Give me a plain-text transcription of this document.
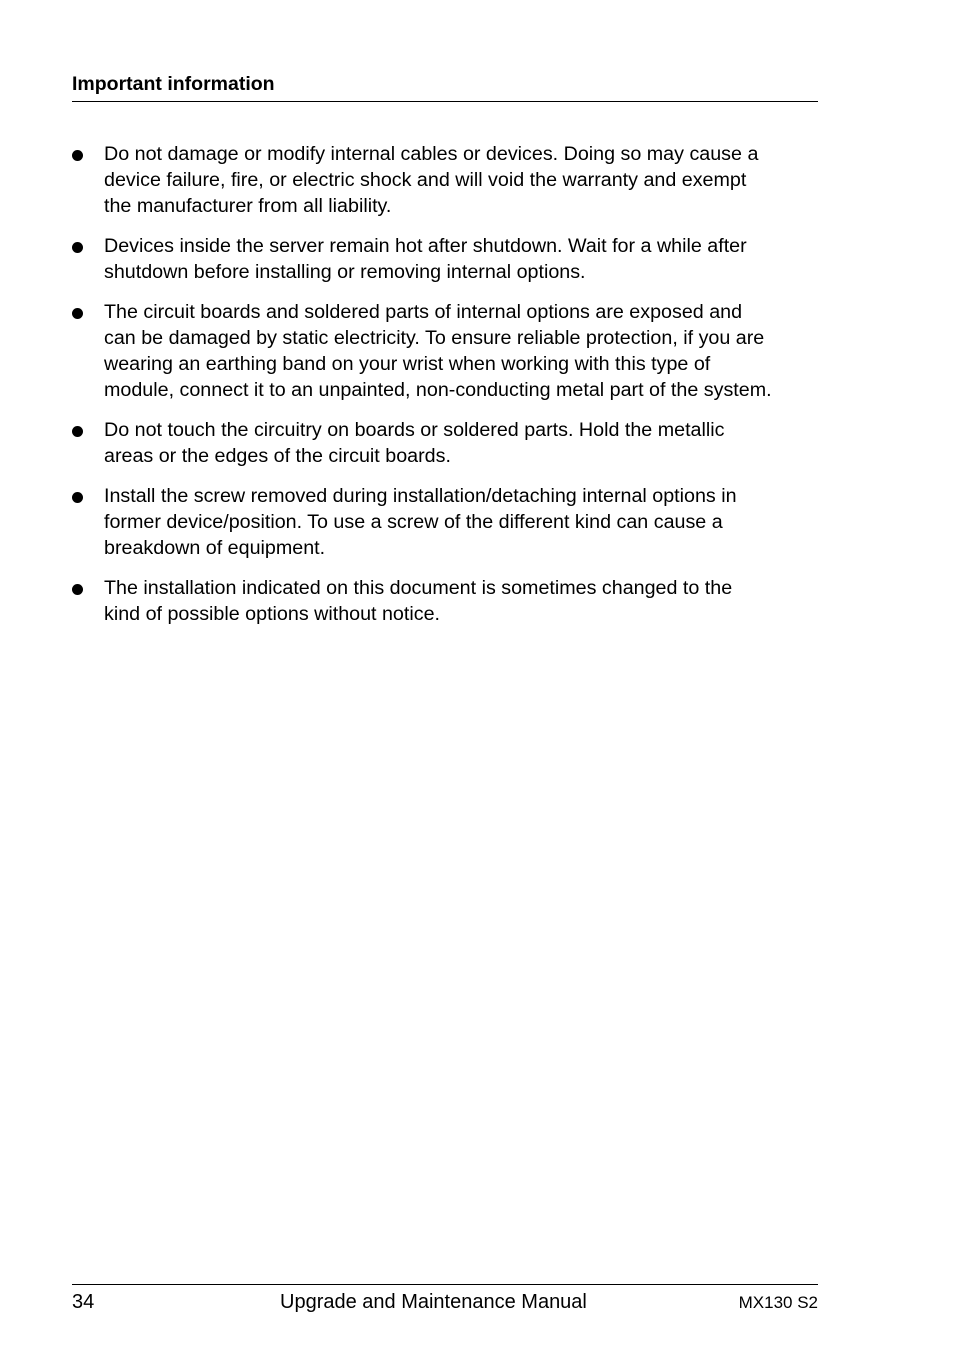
Important information
Do not damage or modify internal cables or devices. Doing so may cause a
device failure, fire, or electric shock and will void the warranty and exempt
the manufacturer from all liability.
Devices inside the server remain hot after shutdown. Wait for a while after
shutdown before installing or removing internal options.
The circuit boards and soldered parts of internal options are exposed and
can be damaged by static electricity. To ensure reliable protection, if you are
wearing an earthing band on your wrist when working with this type of
module, connect it to an unpainted, non-conducting metal part of the system.
Do not touch the circuitry on boards or soldered parts. Hold the metallic
areas or the edges of the circuit boards.
Install the screw removed during installation/detaching internal options in
former device/position. To use a screw of the different kind can cause a
breakdown of equipment.
The installation indicated on this document is sometimes changed to the
kind of possible options without notice.
34	Upgrade and Maintenance Manual	MX130 S2
